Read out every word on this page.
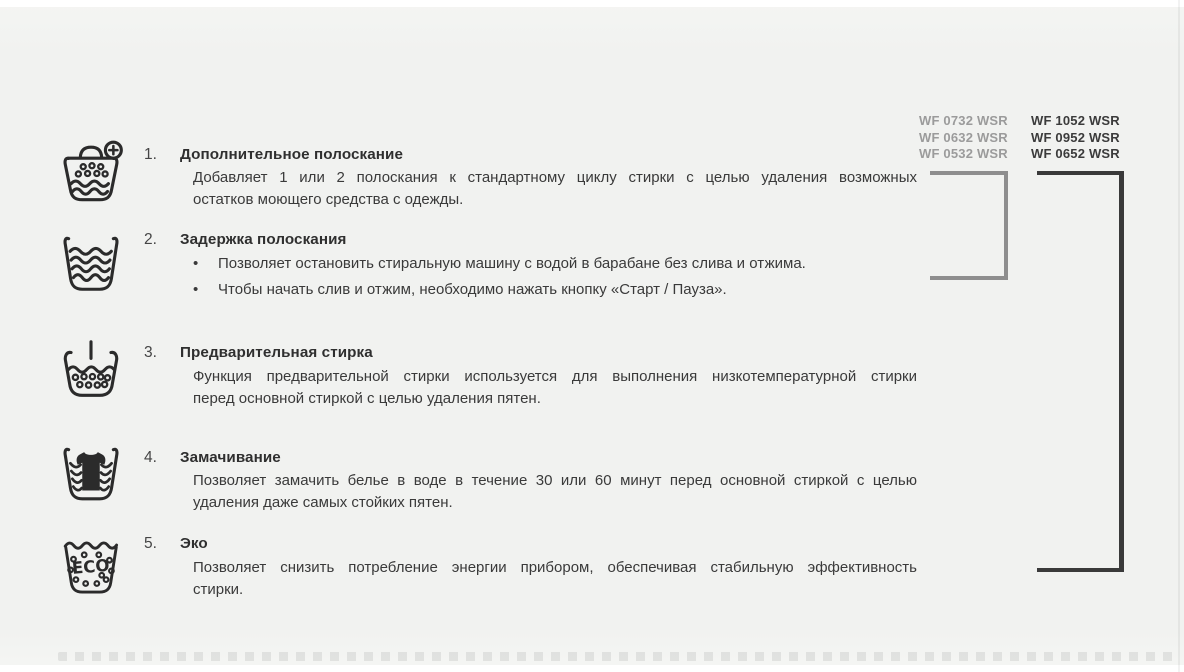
WF 0732 WSR
WF 0632 WSR
WF 0532 WSR
WF 1052 WSR
WF 0952 WSR
WF 0652 WSR
1.	Дополнительное полоскание
Добавляет 1 или 2 полоскания к стандартному циклу стирки с целью удаления возможных
остатков моющего средства с одежды.
2.	Задержка полоскания
• Позволяет остановить стиральную машину с водой в барабане без слива и отжима.
• Чтобы начать слив и отжим, необходимо нажать кнопку «Старт / Пауза».
3.	Предварительная стирка
Функция предварительной стирки используется для выполнения низкотемпературной стирки
перед основной стиркой с целью удаления пятен.
4.	Замачивание
Позволяет замачить белье в воде в течение 30 или 60 минут перед основной стиркой с целью
удаления даже самых стойких пятен.
ECO
5.	Эко
Позволяет снизить потребление энергии прибором, обеспечивая стабильную эффективность
стирки.
